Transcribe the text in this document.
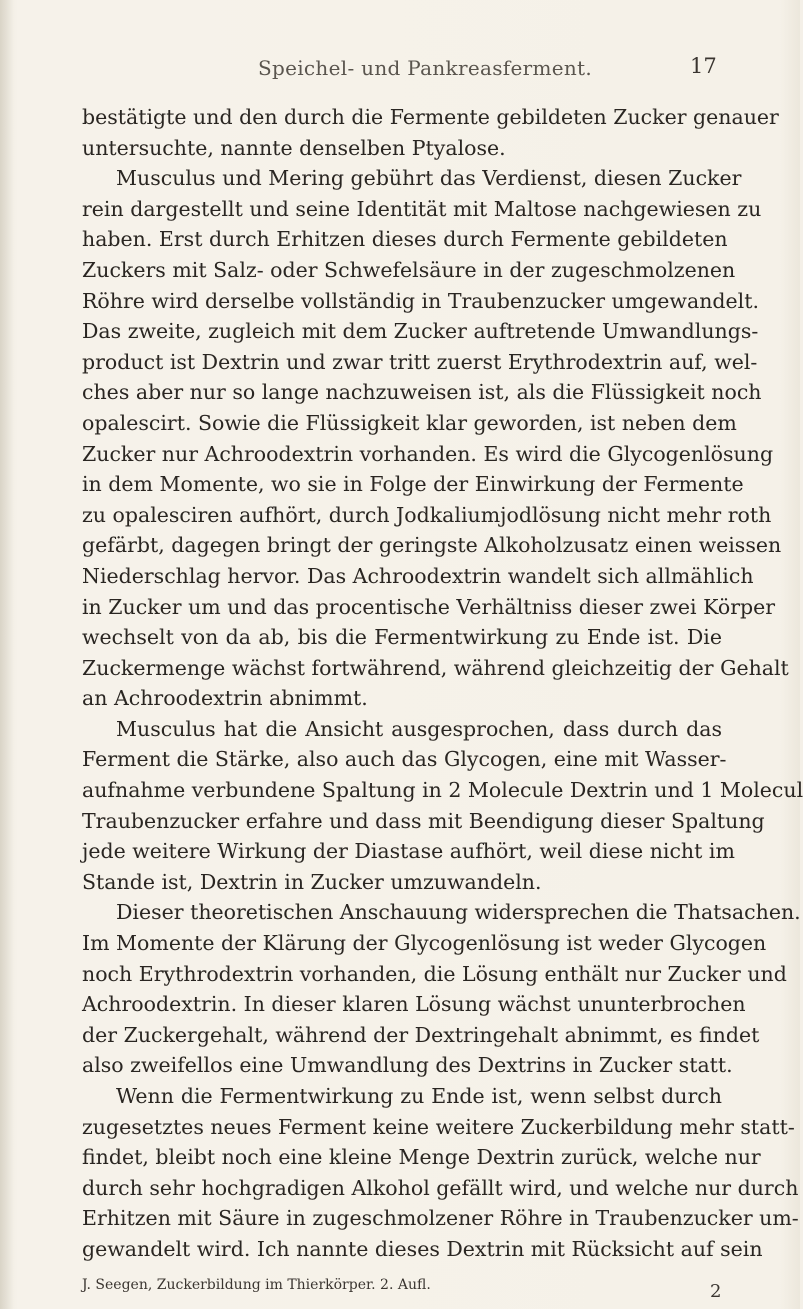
Speichel- und Pankreasferment.	17
bestätigte und den durch die Fermente gebildeten Zucker genauer
untersuchte, nannte denselben Ptyalose.
Musculus und Mering gebührt das Verdienst, diesen Zucker
rein dargestellt und seine Identität mit Maltose nachgewiesen zu
haben. Erst durch Erhitzen dieses durch Fermente gebildeten
Zuckers mit Salz- oder Schwefelsäure in der zugeschmolzenen
Röhre wird derselbe vollständig in Traubenzucker umgewandelt.
Das zweite, zugleich mit dem Zucker auftretende Umwandlungs-
product ist Dextrin und zwar tritt zuerst Erythrodextrin auf, wel-
ches aber nur so lange nachzuweisen ist, als die Flüssigkeit noch
opalescirt. Sowie die Flüssigkeit klar geworden, ist neben dem
Zucker nur Achroodextrin vorhanden. Es wird die Glycogenlösung
in dem Momente, wo sie in Folge der Einwirkung der Fermente
zu opalesciren aufhört, durch Jodkaliumjodlösung nicht mehr roth
gefärbt, dagegen bringt der geringste Alkoholzusatz einen weissen
Niederschlag hervor. Das Achroodextrin wandelt sich allmählich
in Zucker um und das procentische Verhältniss dieser zwei Körper
wechselt von da ab, bis die Fermentwirkung zu Ende ist. Die
Zuckermenge wächst fortwährend, während gleichzeitig der Gehalt
an Achroodextrin abnimmt.
Musculus hat die Ansicht ausgesprochen, dass durch das
Ferment die Stärke, also auch das Glycogen, eine mit Wasser-
aufnahme verbundene Spaltung in 2 Molecule Dextrin und 1 Molecul
Traubenzucker erfahre und dass mit Beendigung dieser Spaltung
jede weitere Wirkung der Diastase aufhört, weil diese nicht im
Stande ist, Dextrin in Zucker umzuwandeln.
Dieser theoretischen Anschauung widersprechen die Thatsachen.
Im Momente der Klärung der Glycogenlösung ist weder Glycogen
noch Erythrodextrin vorhanden, die Lösung enthält nur Zucker und
Achroodextrin. In dieser klaren Lösung wächst ununterbrochen
der Zuckergehalt, während der Dextringehalt abnimmt, es findet
also zweifellos eine Umwandlung des Dextrins in Zucker statt.
Wenn die Fermentwirkung zu Ende ist, wenn selbst durch
zugesetztes neues Ferment keine weitere Zuckerbildung mehr statt-
findet, bleibt noch eine kleine Menge Dextrin zurück, welche nur
durch sehr hochgradigen Alkohol gefällt wird, und welche nur durch
Erhitzen mit Säure in zugeschmolzener Röhre in Traubenzucker um-
gewandelt wird. Ich nannte dieses Dextrin mit Rücksicht auf sein
J. Seegen, Zuckerbildung im Thierkörper. 2. Aufl.	2
